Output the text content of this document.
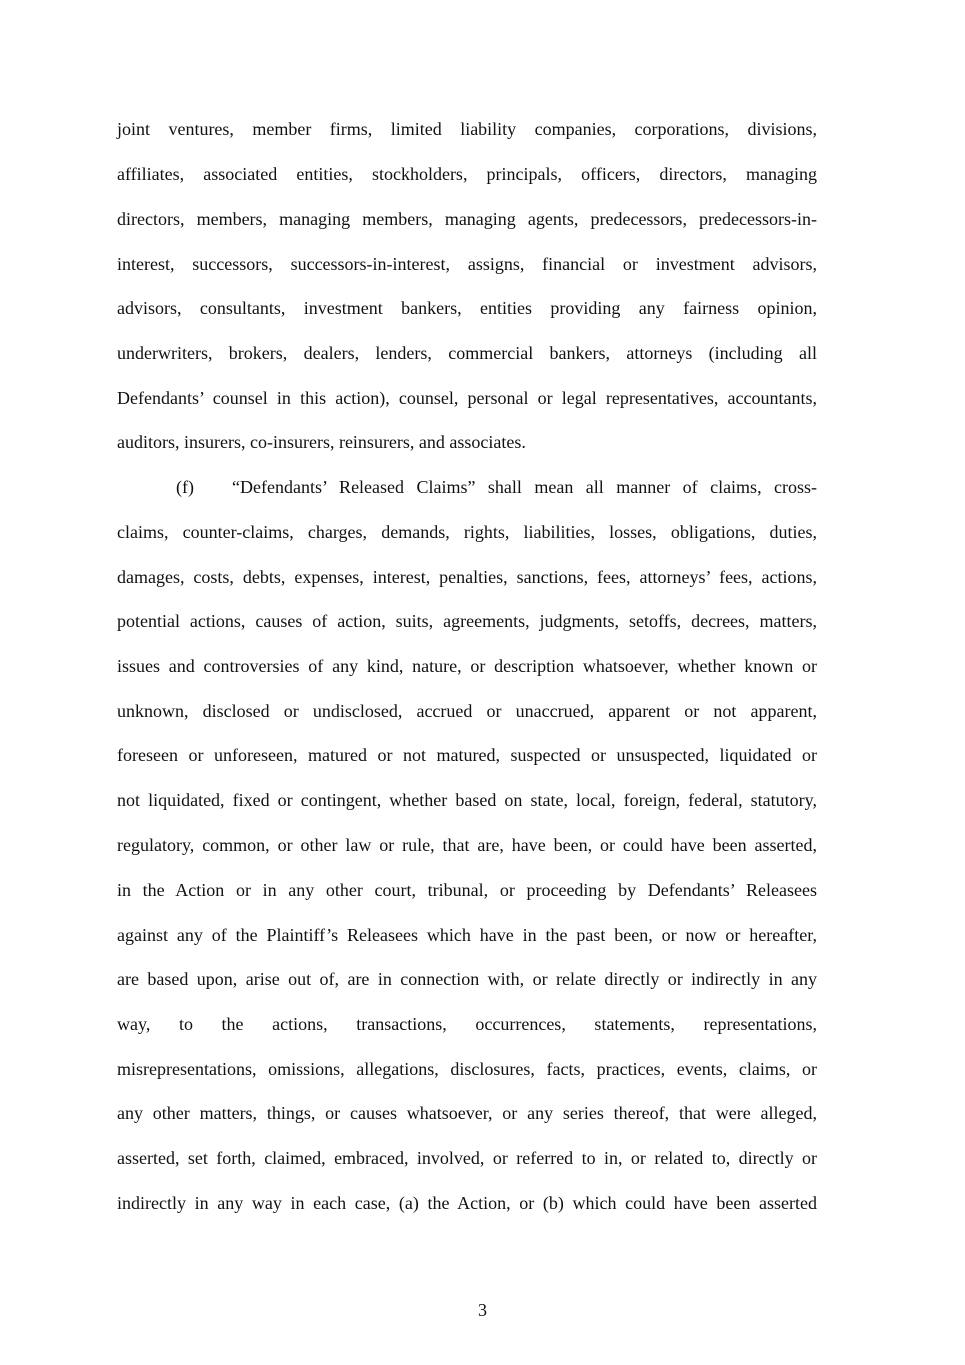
joint ventures, member firms, limited liability companies, corporations, divisions,
affiliates, associated entities, stockholders, principals, officers, directors, managing
directors, members, managing members, managing agents, predecessors, predecessors-in-
interest, successors, successors-in-interest, assigns, financial or investment advisors,
advisors, consultants, investment bankers, entities providing any fairness opinion,
underwriters, brokers, dealers, lenders, commercial bankers, attorneys (including all
Defendants’ counsel in this action), counsel, personal or legal representatives, accountants,
auditors, insurers, co-insurers, reinsurers, and associates.
(f) “Defendants’ Released Claims” shall mean all manner of claims, cross-
claims, counter-claims, charges, demands, rights, liabilities, losses, obligations, duties,
damages, costs, debts, expenses, interest, penalties, sanctions, fees, attorneys’ fees, actions,
potential actions, causes of action, suits, agreements, judgments, setoffs, decrees, matters,
issues and controversies of any kind, nature, or description whatsoever, whether known or
unknown, disclosed or undisclosed, accrued or unaccrued, apparent or not apparent,
foreseen or unforeseen, matured or not matured, suspected or unsuspected, liquidated or
not liquidated, fixed or contingent, whether based on state, local, foreign, federal, statutory,
regulatory, common, or other law or rule, that are, have been, or could have been asserted,
in the Action or in any other court, tribunal, or proceeding by Defendants’ Releasees
against any of the Plaintiff’s Releasees which have in the past been, or now or hereafter,
are based upon, arise out of, are in connection with, or relate directly or indirectly in any
way, to the actions, transactions, occurrences, statements, representations,
misrepresentations, omissions, allegations, disclosures, facts, practices, events, claims, or
any other matters, things, or causes whatsoever, or any series thereof, that were alleged,
asserted, set forth, claimed, embraced, involved, or referred to in, or related to, directly or
indirectly in any way in each case, (a) the Action, or (b) which could have been asserted
3
